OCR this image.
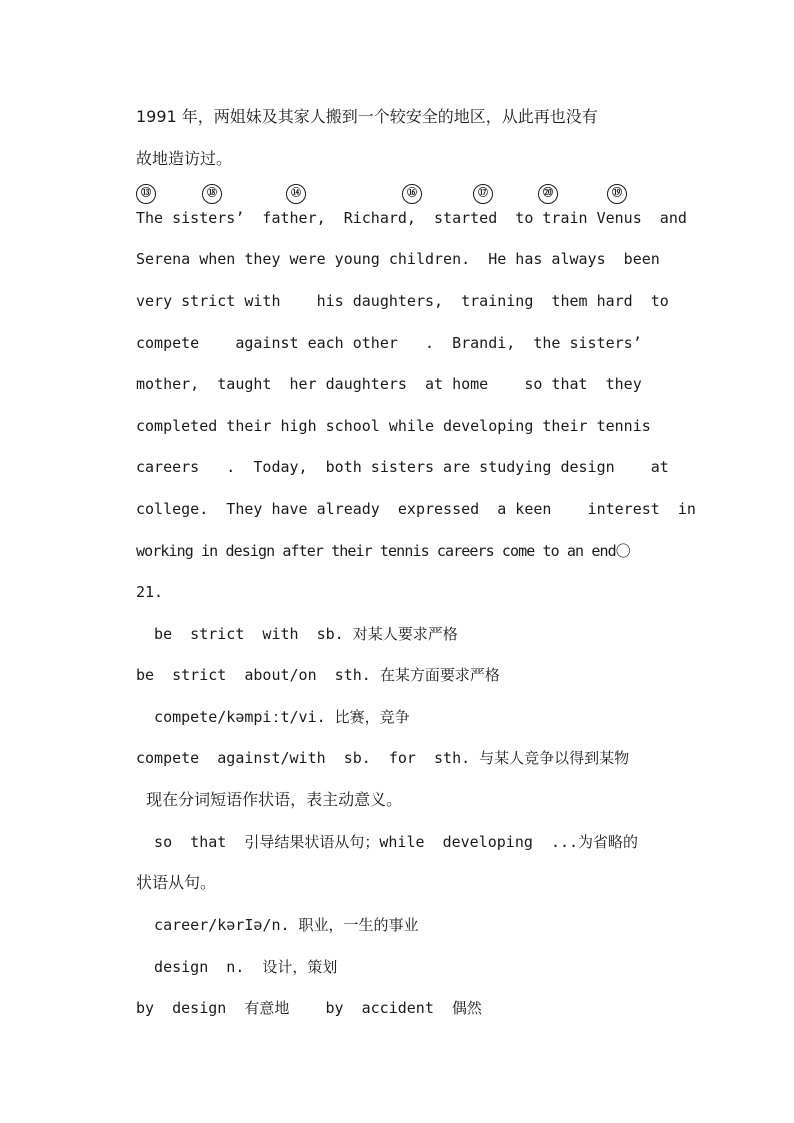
1991 年，两姐妹及其家人搬到一个较安全的地区，从此再也没有
故地造访过。
⑬	⑱	⑭	⑯	⑰	⑳	⑲
The sisters’  father,  Richard,  started  to train Venus  and
Serena when they were young children.  He has always  been
very strict with    his daughters,  training  them hard  to
compete    against each other   .  Brandi,  the sisters’
mother,  taught  her daughters  at home    so that  they
completed their high school while developing their tennis
careers   .  Today,  both sisters are studying design    at
college.  They have already  expressed  a keen    interest  in
working in design after their tennis careers come to an end〇
21.
be  strict  with  sb. 对某人要求严格
be  strict  about/on  sth. 在某方面要求严格
compete/kəmpiːt/vi. 比赛，竞争
compete  against/with  sb.  for  sth. 与某人竞争以得到某物
现在分词短语作状语，表主动意义。
so  that  引导结果状语从句；while  developing  ...为省略的
状语从句。
career/kərIə/n. 职业，一生的事业
design  n.  设计，策划
by  design  有意地    by  accident  偶然
